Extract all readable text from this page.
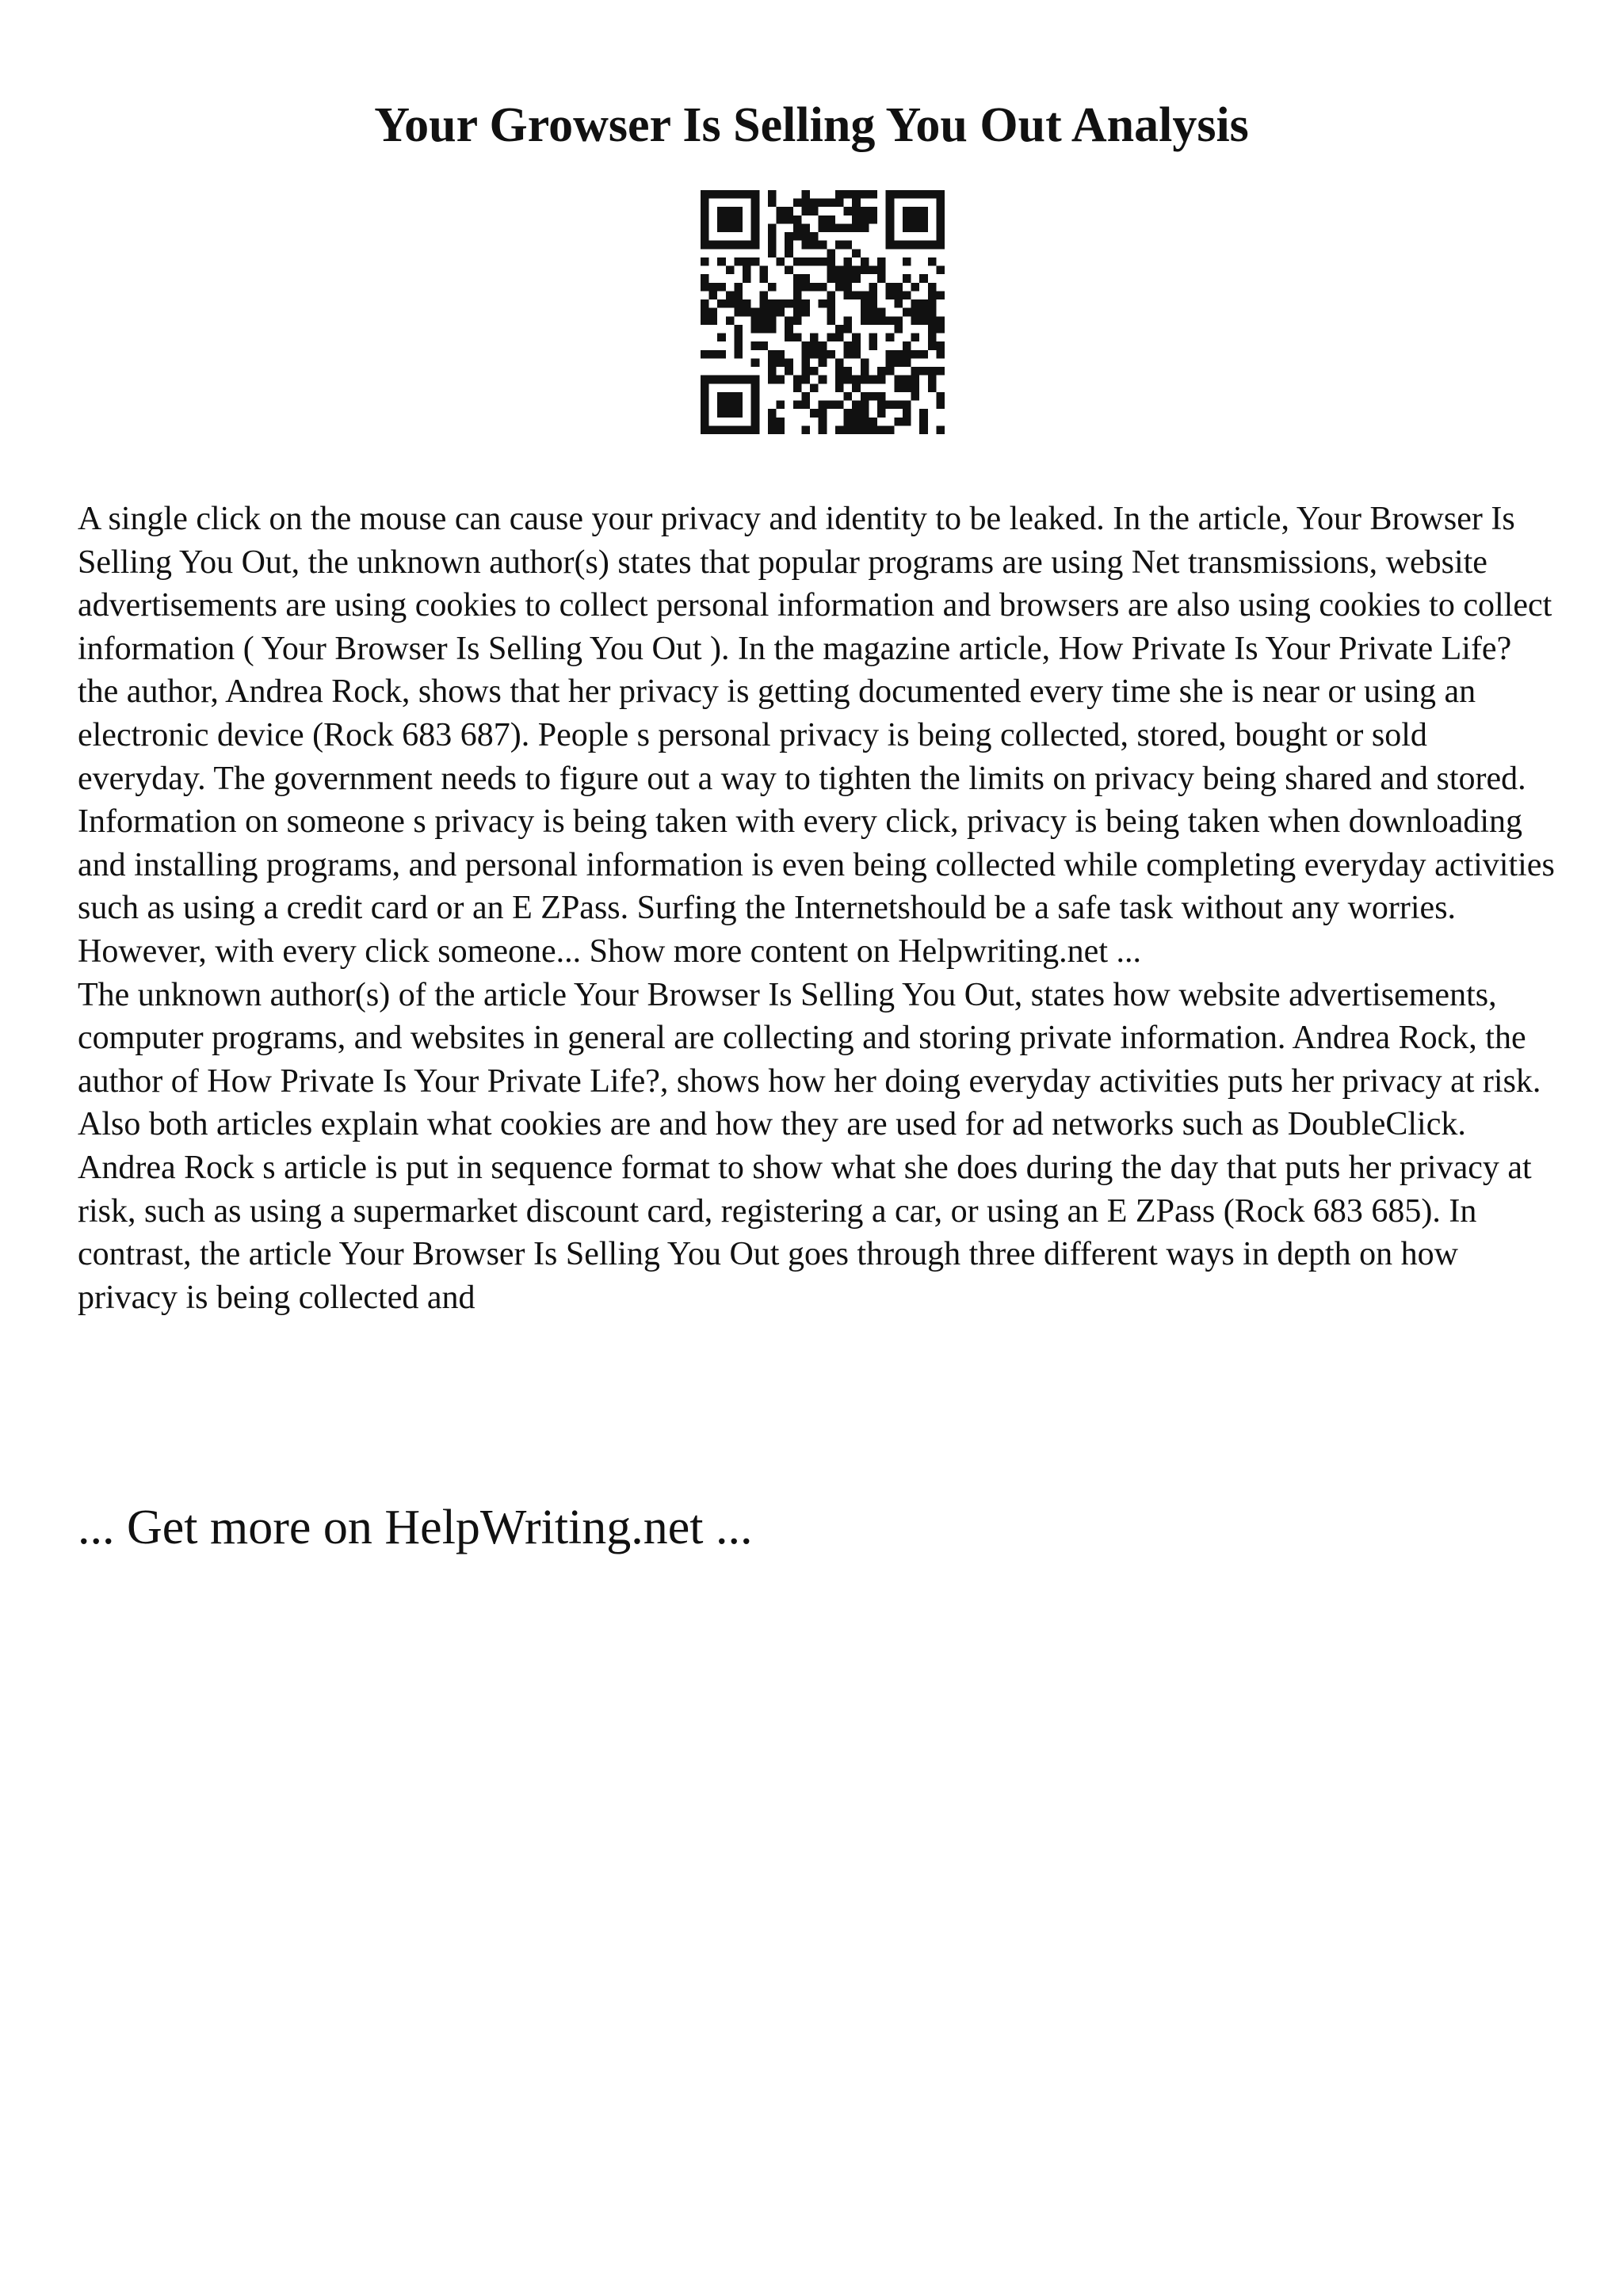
Your Growser Is Selling You Out Analysis

A single click on the mouse can cause your privacy and identity to be leaked. In the article, Your Browser Is Selling You Out, the unknown author(s) states that popular programs are using Net transmissions, website advertisements are using cookies to collect personal information and browsers are also using cookies to collect information ( Your Browser Is Selling You Out ). In the magazine article, How Private Is Your Private Life? the author, Andrea Rock, shows that her privacy is getting documented every time she is near or using an electronic device (Rock 683 687). People s personal privacy is being collected, stored, bought or sold everyday. The government needs to figure out a way to tighten the limits on privacy being shared and stored. Information on someone s privacy is being taken with every click, privacy is being taken when downloading and installing programs, and personal information is even being collected while completing everyday activities such as using a credit card or an E ZPass. Surfing the Internetshould be a safe task without any worries. However, with every click someone... Show more content on Helpwriting.net ...

The unknown author(s) of the article Your Browser Is Selling You Out, states how website advertisements, computer programs, and websites in general are collecting and storing private information. Andrea Rock, the author of How Private Is Your Private Life?, shows how her doing everyday activities puts her privacy at risk. Also both articles explain what cookies are and how they are used for ad networks such as DoubleClick. Andrea Rock s article is put in sequence format to show what she does during the day that puts her privacy at risk, such as using a supermarket discount card, registering a car, or using an E ZPass (Rock 683 685). In contrast, the article Your Browser Is Selling You Out goes through three different ways in depth on how privacy is being collected and

... Get more on HelpWriting.net ...
